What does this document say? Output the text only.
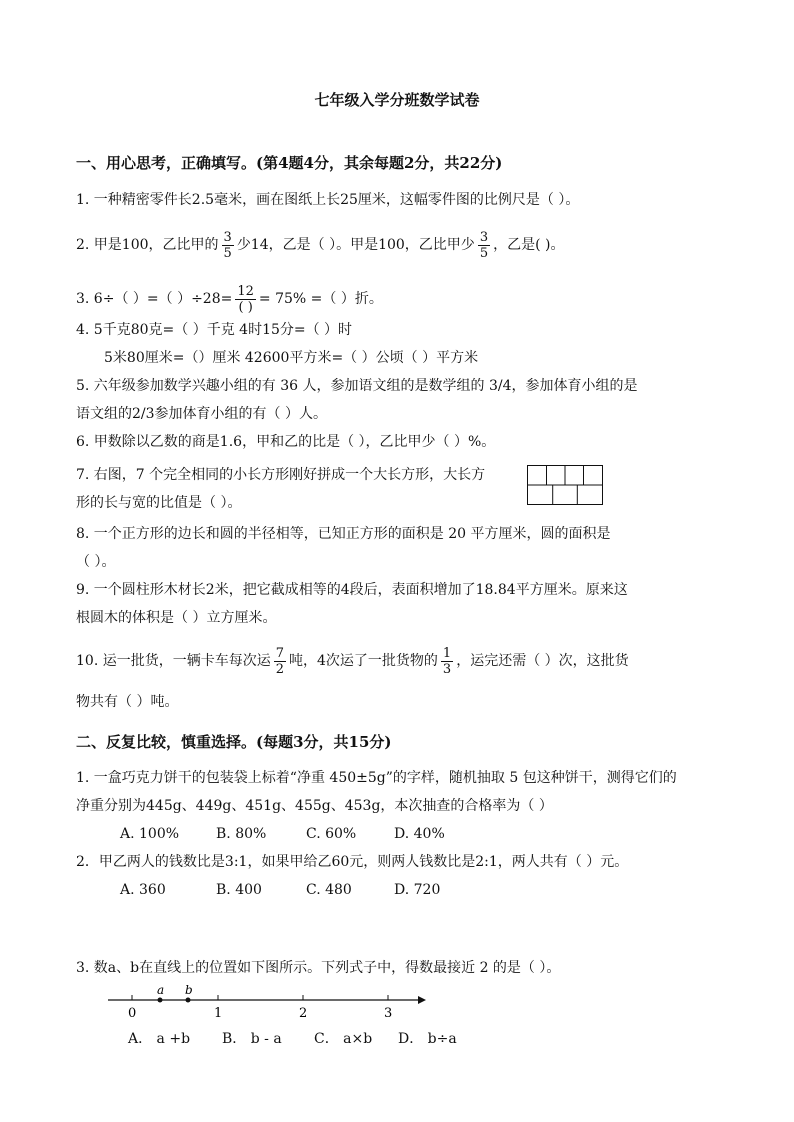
七年级入学分班数学试卷
一、用心思考，正确填写。(第4题4分，其余每题2分，共22分)
1. 一种精密零件长2.5毫米，画在图纸上长25厘米，这幅零件图的比例尺是（ ）。
2. 甲是100，乙比甲的 $\frac{3}{5}$ 少14，乙是（ ）。甲是100，乙比甲少 $\frac{3}{5}$ ，乙是( )。
3. 6÷（ ）=（ ）$\div 28= \frac{12}{( )} = 75\%$ =（ ）折。
4. 5千克80克=（ ）千克 4时15分=（ ）时
5米80厘米=（）厘米 42600平方米=（ ）公顷（ ）平方米
5. 六年级参加数学兴趣小组的有 36 人，参加语文组的是数学组的 3/4，参加体育小组的是
语文组的2/3参加体育小组的有（ ）人。
6. 甲数除以乙数的商是1.6，甲和乙的比是（ ），乙比甲少（ ）%。
7. 右图，7 个完全相同的小长方形刚好拼成一个大长方形，大长方
形的长与宽的比值是（ ）。
8. 一个正方形的边长和圆的半径相等，已知正方形的面积是 20 平方厘米，圆的面积是
（ ）。
9. 一个圆柱形木材长2米，把它截成相等的4段后，表面积增加了18.84平方厘米。原来这
根圆木的体积是（ ）立方厘米。
10. 运一批货，一辆卡车每次运 $\frac{7}{2}$ 吨，4次运了一批货物的 $\frac{1}{3}$ ，运完还需（ ）次，这批货
物共有（ ）吨。
二、反复比较，慎重选择。(每题3分，共15分)
1. 一盒巧克力饼干的包装袋上标着“净重 450±5g”的字样，随机抽取 5 包这种饼干，测得它们的
净重分别为445g、449g、451g、455g、453g，本次抽查的合格率为（ ）
A. 100%	B. 80%	C. 60%	D. 40%
2．甲乙两人的钱数比是3:1，如果甲给乙60元，则两人钱数比是2:1，两人共有（ ）元。
A. 360	B. 400	C. 480	D. 720
3. 数a、b在直线上的位置如下图所示。下列式子中，得数最接近 2 的是（ ）。
a b
0	1	2	3
A． a +b B． b - a C． a×b D． b÷a
